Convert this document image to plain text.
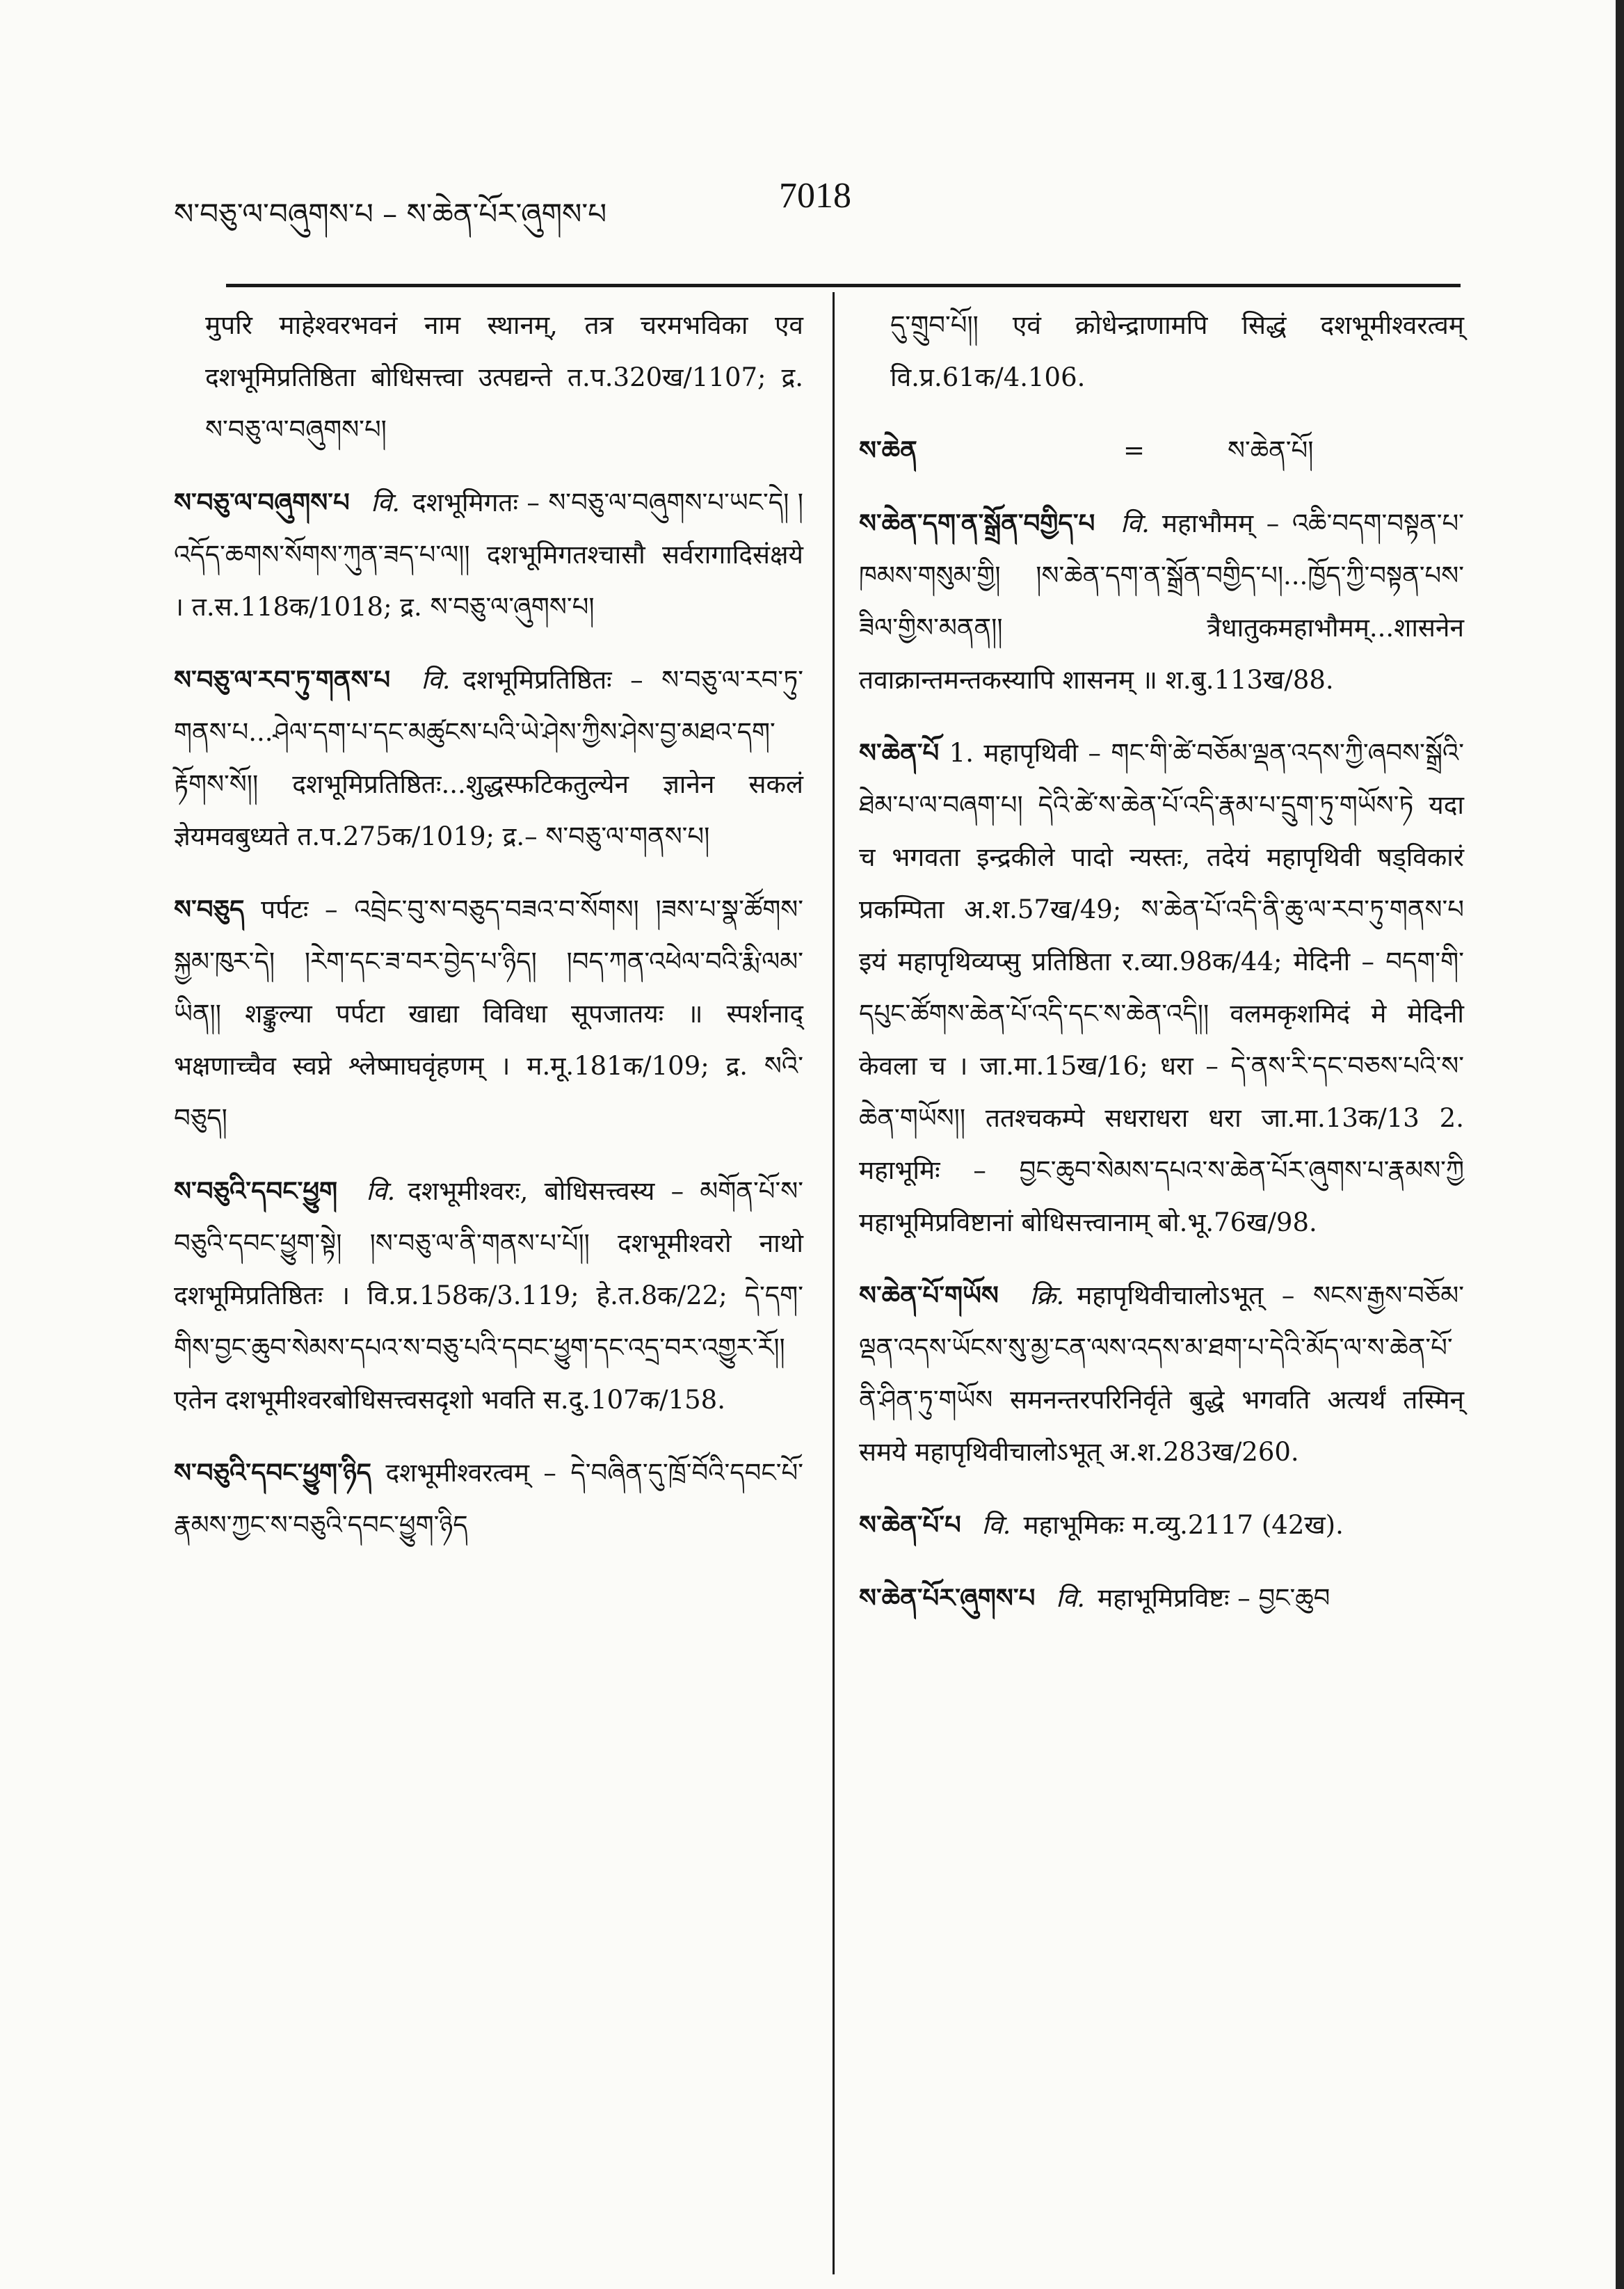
ས་བཅུ་ལ་བཞུགས་པ – ས་ཆེན་པོར་ཞུགས་པ	7018

मुपरि माहेश्वरभवनं नाम स्थानम्, तत्र चरमभविका एव दशभूमिप्रतिष्ठिता बोधिसत्त्वा उत्पद्यन्ते त.प.320ख/1107; द्र. ས་བཅུ་ལ་བཞུགས་པ།

ས་བཅུ་ལ་བཞུགས་པ वि. दशभूमिगतः – ས་བཅུ་ལ་བཞུགས་པ་ཡང་དེ། །འདོད་ཆགས་སོགས་ཀུན་ཟད་པ་ལ།། दशभूमिगतश्चासौ सर्वरागादिसंक्षये । त.स.118क/1018; द्र. ས་བཅུ་ལ་ཞུགས་པ།

ས་བཅུ་ལ་རབ་ཏུ་གནས་པ वि. दशभूमिप्रतिष्ठितः – ས་བཅུ་ལ་རབ་ཏུ་གནས་པ...ཤེལ་དག་པ་དང་མཚུངས་པའི་ཡེ་ཤེས་ཀྱིས་ཤེས་བྱ་མཐའ་དག་རྟོགས་སོ།། दशभूमिप्रतिष्ठितः...शुद्धस्फटिकतुल्येन ज्ञानेन सकलं ज्ञेयमवबुध्यते त.प.275क/1019; द्र.– ས་བཅུ་ལ་གནས་པ།

ས་བཅུད पर्पटः – འབྲེང་བུ་ས་བཅུད་བཟའ་བ་སོགས། །ཟས་པ་སྣ་ཚོགས་སྐྱམ་ཁུར་དེ། །རེག་དང་ཟ་བར་བྱེད་པ་ཉིད། །བད་ཀན་འཕེལ་བའི་རྨི་ལམ་ཡིན།། शङ्कुल्या पर्पटा खाद्या विविधा सूपजातयः ॥ स्पर्शनाद् भक्षणाच्चैव स्वप्ने श्लेष्माघवृंहणम् । म.मू.181क/109; द्र. སའི་བཅུད།

ས་བཅུའི་དབང་ཕྱུག वि. दशभूमीश्वरः, बोधिसत्त्वस्य – མགོན་པོ་ས་བཅུའི་དབང་ཕྱུག་སྟེ། །ས་བཅུ་ལ་ནི་གནས་པ་པོ།། दशभूमीश्वरो नाथो दशभूमिप्रतिष्ठितः । वि.प्र.158क/3.119; हे.त.8क/22; དེ་དག་གིས་བྱང་ཆུབ་སེམས་དཔའ་ས་བཅུ་པའི་དབང་ཕྱུག་དང་འདྲ་བར་འགྱུར་རོ།། एतेन दशभूमीश्वरबोधिसत्त्वसदृशो भवति स.दु.107क/158.

ས་བཅུའི་དབང་ཕྱུག་ཉིད दशभूमीश्वरत्वम् – དེ་བཞིན་དུ་ཁྲོ་བོའི་དབང་པོ་རྣམས་ཀྱང་ས་བཅུའི་དབང་ཕྱུག་ཉིད

དུ་གྲུབ་པོ།། एवं क्रोधेन्द्राणामपि सिद्धं दशभूमीश्वरत्वम् वि.प्र.61क/4.106.

ས་ཆེན	=	ས་ཆེན་པོ།

ས་ཆེན་དག་ན་སྒྲོན་བགྱིད་པ वि. महाभौमम् – འཆི་བདག་བསྟན་པ་ཁམས་གསུམ་གྱི། །ས་ཆེན་དག་ན་སྒྲོན་བགྱིད་པ།...ཁྱོད་ཀྱི་བསྟན་པས་ཟིལ་གྱིས་མནན།། त्रैधातुकमहाभौमम्...शासनेन तवाक्रान्तमन्तकस्यापि शासनम् ॥ श.बु.113ख/88.

ས་ཆེན་པོ 1. महापृथिवी – གང་གི་ཚེ་བཅོམ་ལྡན་འདས་ཀྱི་ཞབས་སྒྲོའི་ཐེམ་པ་ལ་བཞག་པ། དེའི་ཚེ་ས་ཆེན་པོ་འདི་རྣམ་པ་དྲུག་ཏུ་གཡོས་ཏེ यदा च भगवता इन्द्रकीले पादो न्यस्तः, तदेयं महापृथिवी षड्विकारं प्रकम्पिता अ.श.57ख/49; ས་ཆེན་པོ་འདི་ནི་ཆུ་ལ་རབ་ཏུ་གནས་པ इयं महापृथिव्यप्सु प्रतिष्ठिता र.व्या.98क/44; मेदिनी – བདག་གི་དཔུང་ཚོགས་ཆེན་པོ་འདི་དང་ས་ཆེན་འདི།། वलमकृशमिदं मे मेदिनी केवला च । जा.मा.15ख/16; धरा – དེ་ནས་རི་དང་བཅས་པའི་ས་ཆེན་གཡོས།། ततश्चकम्पे सधराधरा धरा जा.मा.13क/13 2. महाभूमिः – བྱང་ཆུབ་སེམས་དཔའ་ས་ཆེན་པོར་ཞུགས་པ་རྣམས་ཀྱི महाभूमिप्रविष्टानां बोधिसत्त्वानाम् बो.भू.76ख/98.

ས་ཆེན་པོ་གཡོས क्रि. महापृथिवीचालोऽभूत् – སངས་རྒྱས་བཅོམ་ལྡན་འདས་ཡོངས་སུ་མྱ་ངན་ལས་འདས་མ་ཐག་པ་དེའི་མོད་ལ་ས་ཆེན་པོ་ནི་ཤིན་ཏུ་གཡོས समनन्तरपरिनिर्वृते बुद्धे भगवति अत्यर्थं तस्मिन् समये महापृथिवीचालोऽभूत् अ.श.283ख/260.

ས་ཆེན་པོ་པ वि. महाभूमिकः म.व्यु.2117 (42ख).

ས་ཆེན་པོར་ཞུགས་པ वि. महाभूमिप्रविष्टः – བྱང་ཆུབ
